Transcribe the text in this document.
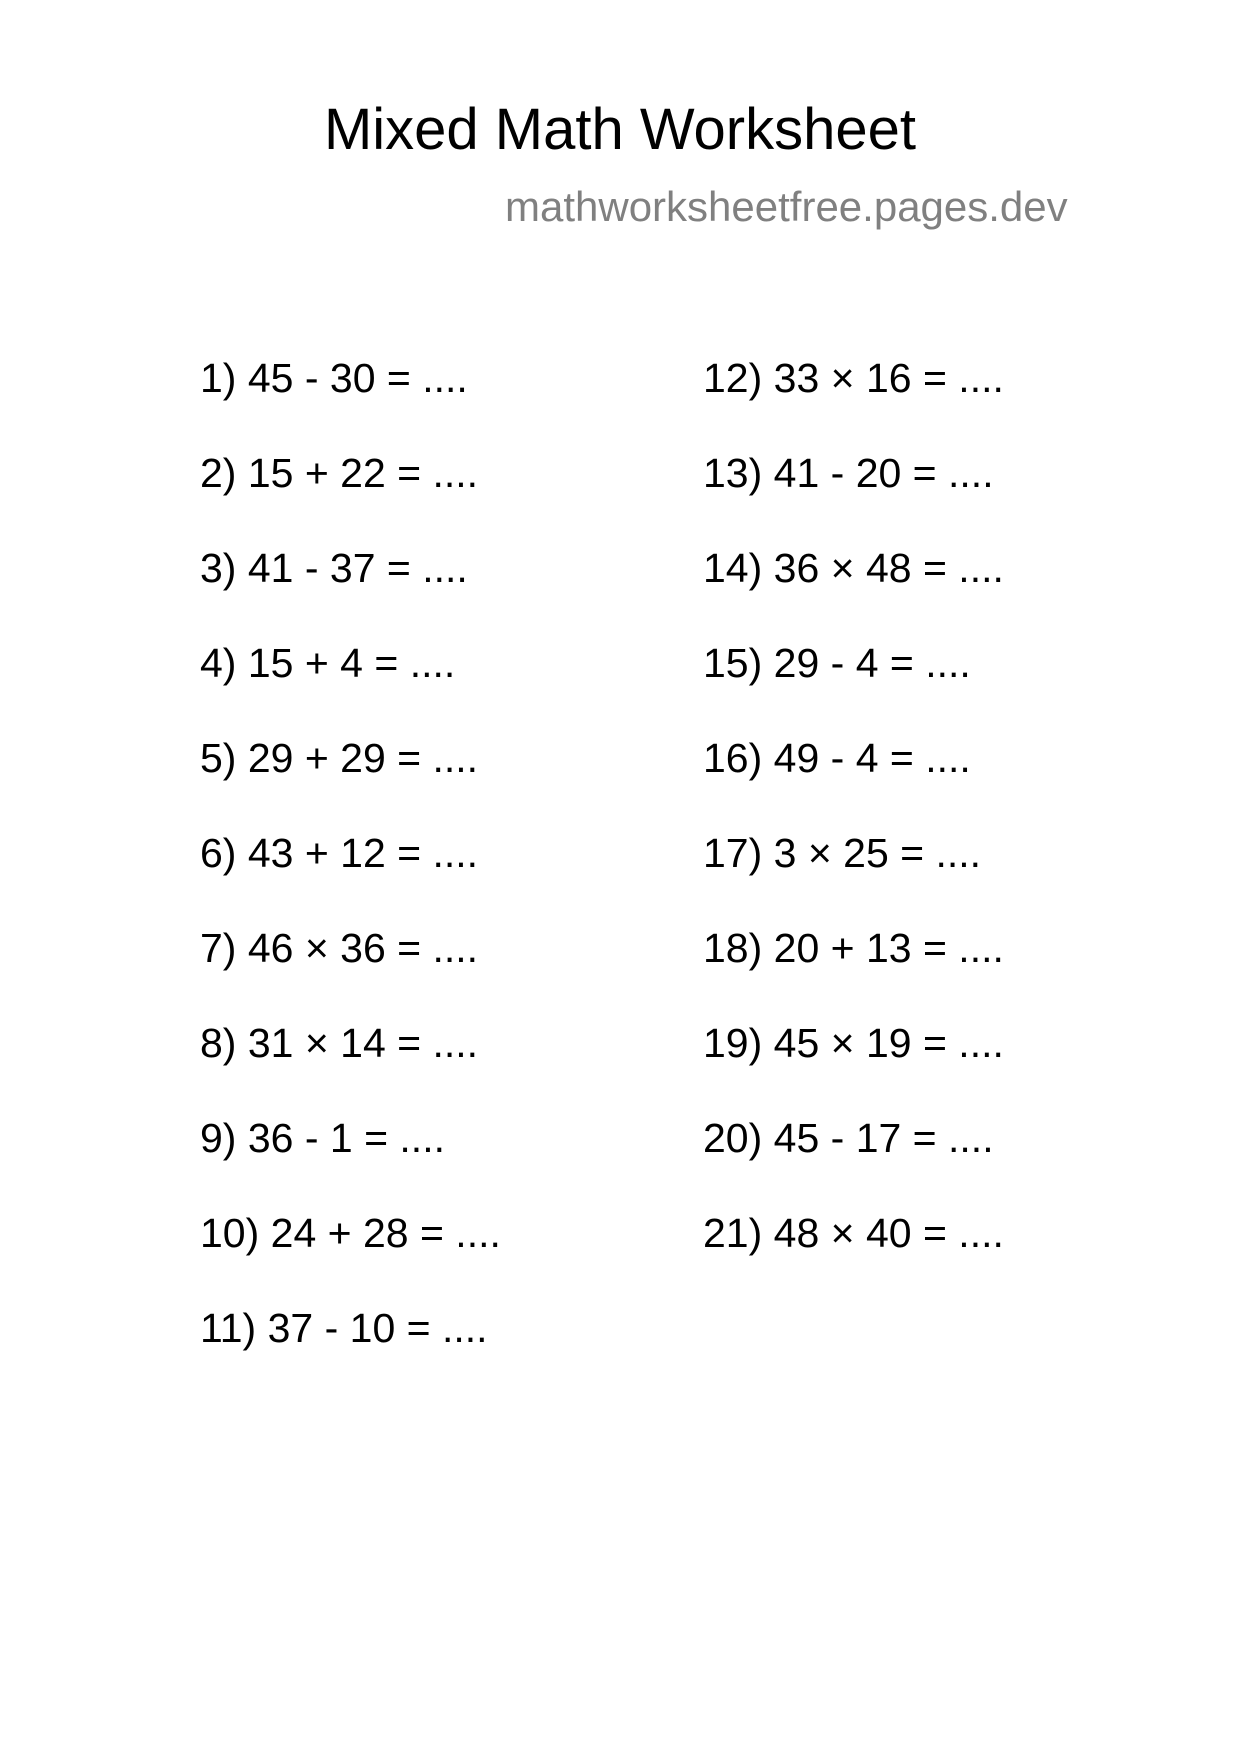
Mixed Math Worksheet
mathworksheetfree.pages.dev
1) 45 - 30 = ....
2) 15 + 22 = ....
3) 41 - 37 = ....
4) 15 + 4 = ....
5) 29 + 29 = ....
6) 43 + 12 = ....
7) 46 × 36 = ....
8) 31 × 14 = ....
9) 36 - 1 = ....
10) 24 + 28 = ....
11) 37 - 10 = ....
12) 33 × 16 = ....
13) 41 - 20 = ....
14) 36 × 48 = ....
15) 29 - 4 = ....
16) 49 - 4 = ....
17) 3 × 25 = ....
18) 20 + 13 = ....
19) 45 × 19 = ....
20) 45 - 17 = ....
21) 48 × 40 = ....
